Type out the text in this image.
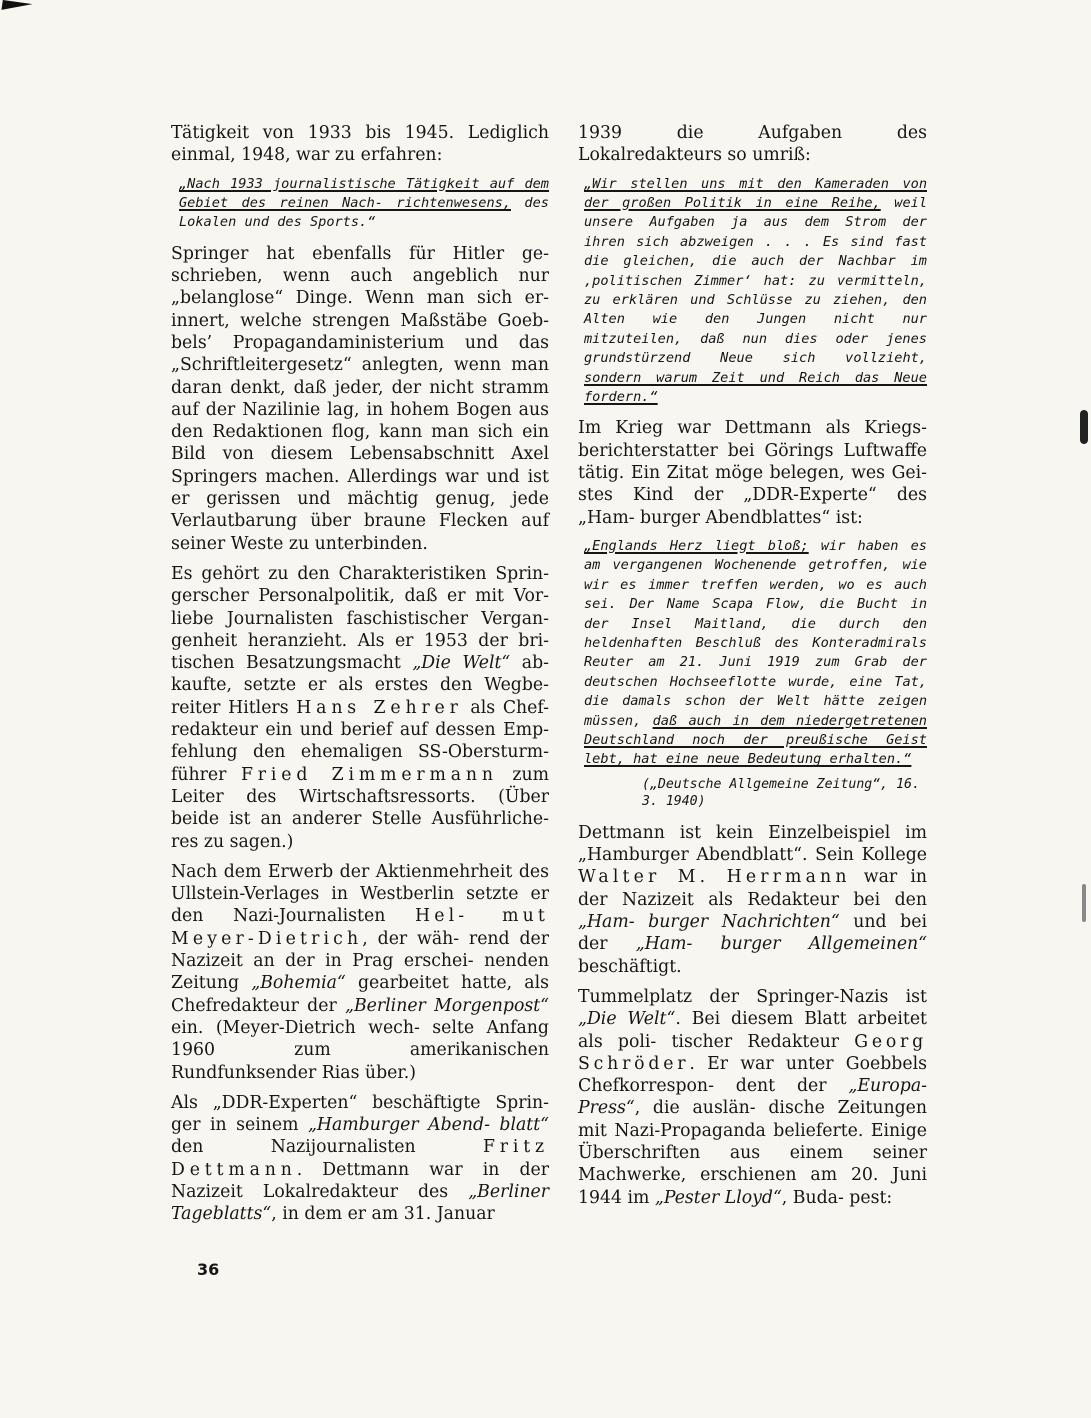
Tätigkeit von 1933 bis 1945. Lediglich einmal, 1948, war zu erfahren:

„Nach 1933 journalistische Tätigkeit auf dem Gebiet des reinen Nach- richtenwesens, des Lokalen und des Sports.“

Springer hat ebenfalls für Hitler ge- schrieben, wenn auch angeblich nur „belanglose“ Dinge. Wenn man sich er- innert, welche strengen Maßstäbe Goeb- bels’ Propagandaministerium und das „Schriftleitergesetz“ anlegten, wenn man daran denkt, daß jeder, der nicht stramm auf der Nazilinie lag, in hohem Bogen aus den Redaktionen flog, kann man sich ein Bild von diesem Lebensabschnitt Axel Springers machen. Allerdings war und ist er gerissen und mächtig genug, jede Verlautbarung über braune Flecken auf seiner Weste zu unterbinden.

Es gehört zu den Charakteristiken Sprin- gerscher Personalpolitik, daß er mit Vor- liebe Journalisten faschistischer Vergan- genheit heranzieht. Als er 1953 der bri- tischen Besatzungsmacht „Die Welt“ ab- kaufte, setzte er als erstes den Wegbe- reiter Hitlers Hans Zehrer als Chef- redakteur ein und berief auf dessen Emp- fehlung den ehemaligen SS-Obersturm- führer Fried Zimmermann zum Leiter des Wirtschaftsressorts. (Über beide ist an anderer Stelle Ausführliche- res zu sagen.)

Nach dem Erwerb der Aktienmehrheit des Ullstein-Verlages in Westberlin setzte er den Nazi-Journalisten Hel- mut Meyer-Dietrich, der wäh- rend der Nazizeit an der in Prag erschei- nenden Zeitung „Bohemia“ gearbeitet hatte, als Chefredakteur der „Berliner Morgenpost“ ein. (Meyer-Dietrich wech- selte Anfang 1960 zum amerikanischen Rundfunksender Rias über.)

Als „DDR-Experten“ beschäftigte Sprin- ger in seinem „Hamburger Abend- blatt“ den Nazijournalisten Fritz Dettmann. Dettmann war in der Nazizeit Lokalredakteur des „Berliner Tageblatts“, in dem er am 31. Januar

1939 die Aufgaben des Lokalredakteurs so umriß:

„Wir stellen uns mit den Kameraden von der großen Politik in eine Reihe, weil unsere Aufgaben ja aus dem Strom der ihren sich abzweigen . . . Es sind fast die gleichen, die auch der Nachbar im ‚politischen Zimmer‘ hat: zu vermitteln, zu erklären und Schlüsse zu ziehen, den Alten wie den Jungen nicht nur mitzuteilen, daß nun dies oder jenes grundstürzend Neue sich vollzieht, sondern warum Zeit und Reich das Neue fordern.“

Im Krieg war Dettmann als Kriegs- berichterstatter bei Görings Luftwaffe tätig. Ein Zitat möge belegen, wes Gei- stes Kind der „DDR-Experte“ des „Ham- burger Abendblattes“ ist:

„Englands Herz liegt bloß; wir haben es am vergangenen Wochenende getroffen, wie wir es immer treffen werden, wo es auch sei. Der Name Scapa Flow, die Bucht in der Insel Maitland, die durch den heldenhaften Beschluß des Konteradmirals Reuter am 21. Juni 1919 zum Grab der deutschen Hochseeflotte wurde, eine Tat, die damals schon der Welt hätte zeigen müssen, daß auch in dem niedergetretenen Deutschland noch der preußische Geist lebt, hat eine neue Bedeutung erhalten.“

(„Deutsche Allgemeine Zeitung“, 16. 3. 1940)

Dettmann ist kein Einzelbeispiel im „Hamburger Abendblatt“. Sein Kollege Walter M. Herrmann war in der Nazizeit als Redakteur bei den „Ham- burger Nachrichten“ und bei der „Ham- burger Allgemeinen“ beschäftigt.

Tummelplatz der Springer-Nazis ist „Die Welt“. Bei diesem Blatt arbeitet als poli- tischer Redakteur Georg Schröder. Er war unter Goebbels Chefkorrespon- dent der „Europa-Press“, die auslän- dische Zeitungen mit Nazi-Propaganda belieferte. Einige Überschriften aus einem seiner Machwerke, erschienen am 20. Juni 1944 im „Pester Lloyd“, Buda- pest:

36
